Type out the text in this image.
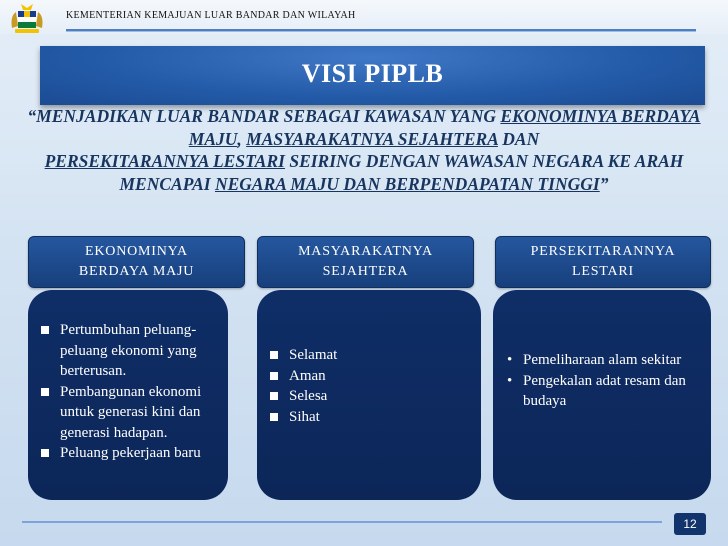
KEMENTERIAN KEMAJUAN LUAR BANDAR DAN WILAYAH
VISI PIPLB
“MENJADIKAN LUAR BANDAR SEBAGAI KAWASAN YANG EKONOMINYA BERDAYA MAJU, MASYARAKATNYA SEJAHTERA DAN
PERSEKITARANNYA LESTARI SEIRING DENGAN WAWASAN NEGARA KE ARAH MENCAPAI NEGARA MAJU DAN BERPENDAPATAN TINGGI”
EKONOMINYA
BERDAYA MAJU
Pertumbuhan peluang-peluang ekonomi yang berterusan.
Pembangunan ekonomi untuk generasi kini dan generasi hadapan.
Peluang pekerjaan baru
MASYARAKATNYA
SEJAHTERA
Selamat
Aman
Selesa
Sihat
PERSEKITARANNYA
LESTARI
• Pemeliharaan alam sekitar
• Pengekalan adat resam dan budaya
12
